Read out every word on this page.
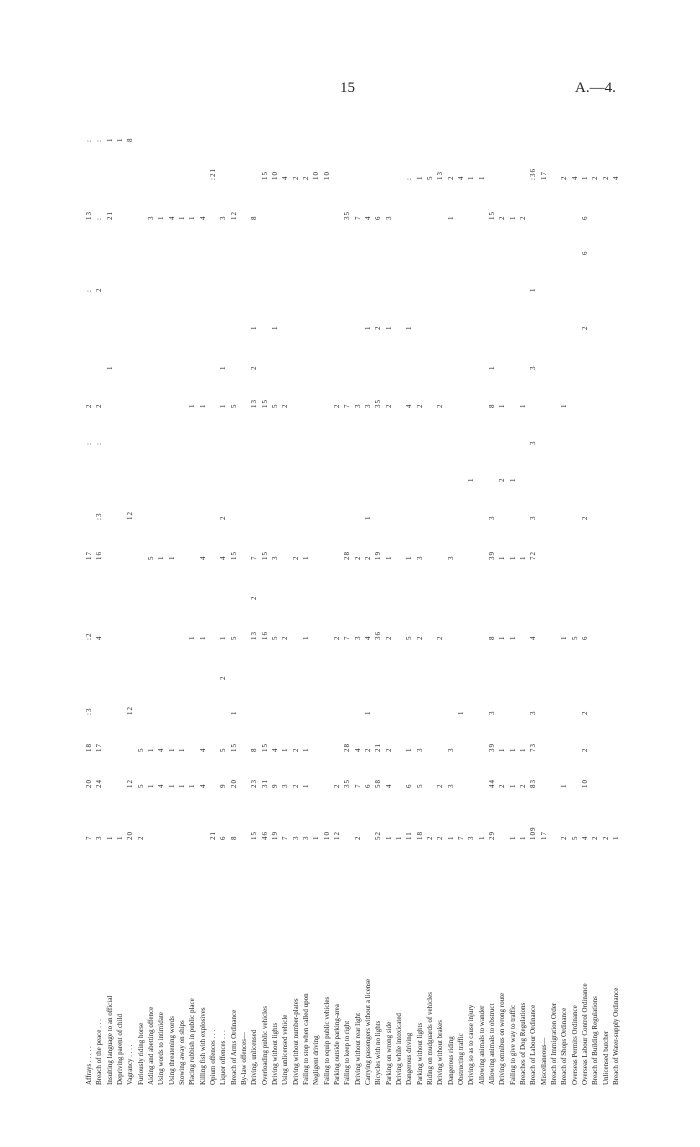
15	A.—4.
Affrays . . . . .
7
20
18
:3
:2
17
:
2
:
13
:
Breach of the peace . . .
3
24
17
4
16
:3
:
2
2
:
:
Insulting language to an official
1
1
21
1
Depriving parent of child
1
1
Vagrancy . . . .
20
12
12
12
8
Furiously riding horse
2
5
5
Aiding and abetting offence
1
1
5
3
Using words to intimidate
4
4
1
1
Using threatening words
1
1
1
4
Stowing away on ships
1
1
1
Placing rubbish in public place
1
1
1
1
Killing fish with explosives
4
4
1
4
1
4
Opium offences . . .
21
:21
Liquor offences . . .
6
9
5
2
1
4
2
1
1
3
Breach of Arms Ordinance
8
20
15
1
5
15
5
12
By-law offences— Driving, unlicensed
15
23
8
13
2
7
13
2
1
8
Overloading public vehicles
46
31
15
16
15
15
15
Driving without lights
19
9
4
5
3
5
1
10
Using unlicensed vehicle
7
3
1
2
2
4
Driving without number-plates
3
2
2
2
2
Failing to stop when called upon
3
1
1
1
1
2
Negligent driving
1
10
Failing to equip public vehicles
10
10
Parking outside parking-area
12
2
2
2
Failing to keep to right
35
28
7
28
7
35
Driving without rear light
2
7
4
3
2
3
7
Carrying passengers without a license
6
2
1
4
2
1
3
1
4
Bicycles with no lights
52
58
21
36
19
35
2
6
Parking on wrong side
1
4
2
2
1
2
1
3
Driving while intoxicated
1
Dangerous driving
11
6
1
5
1
4
1
:
Parking without lights
18
5
3
2
3
2
1
Riding on mudguards of vehicles
2
5
Driving without brakes
2
2
2
2
13
Dangerous riding
1
3
3
3
1
2
Obstructing traffic
7
1
4
Driving so as to cause injury
3
1
1
Allowing animals to wander
1
1
Allowing animals to obstruct
29
44
39
3
8
39
3
8
1
15
Driving omnibus on wrong route
2
1
1
1
2
1
2
Failing to give way to traffic
1
1
1
1
1
1
1
Breaches of Dog Regulations
1
2
1
1
1
2
Breach of Labour Ordinance
109
83
73
3
4
72
3
3
3
1
:36
Miscellaneous—
17
17
Breach of Immigration Order Breach of Shops Ordinance
2
1
1
1
2
Overseas Permits Ordinance
5
5
4
Overseas Labour Control Ordinance
4
10
2
2
6
2
2
6
6
1
Breach of Building Regulations
2
2
Unlicensed butcher
2
2
Breach of Water-supply Ordinance
1
4
